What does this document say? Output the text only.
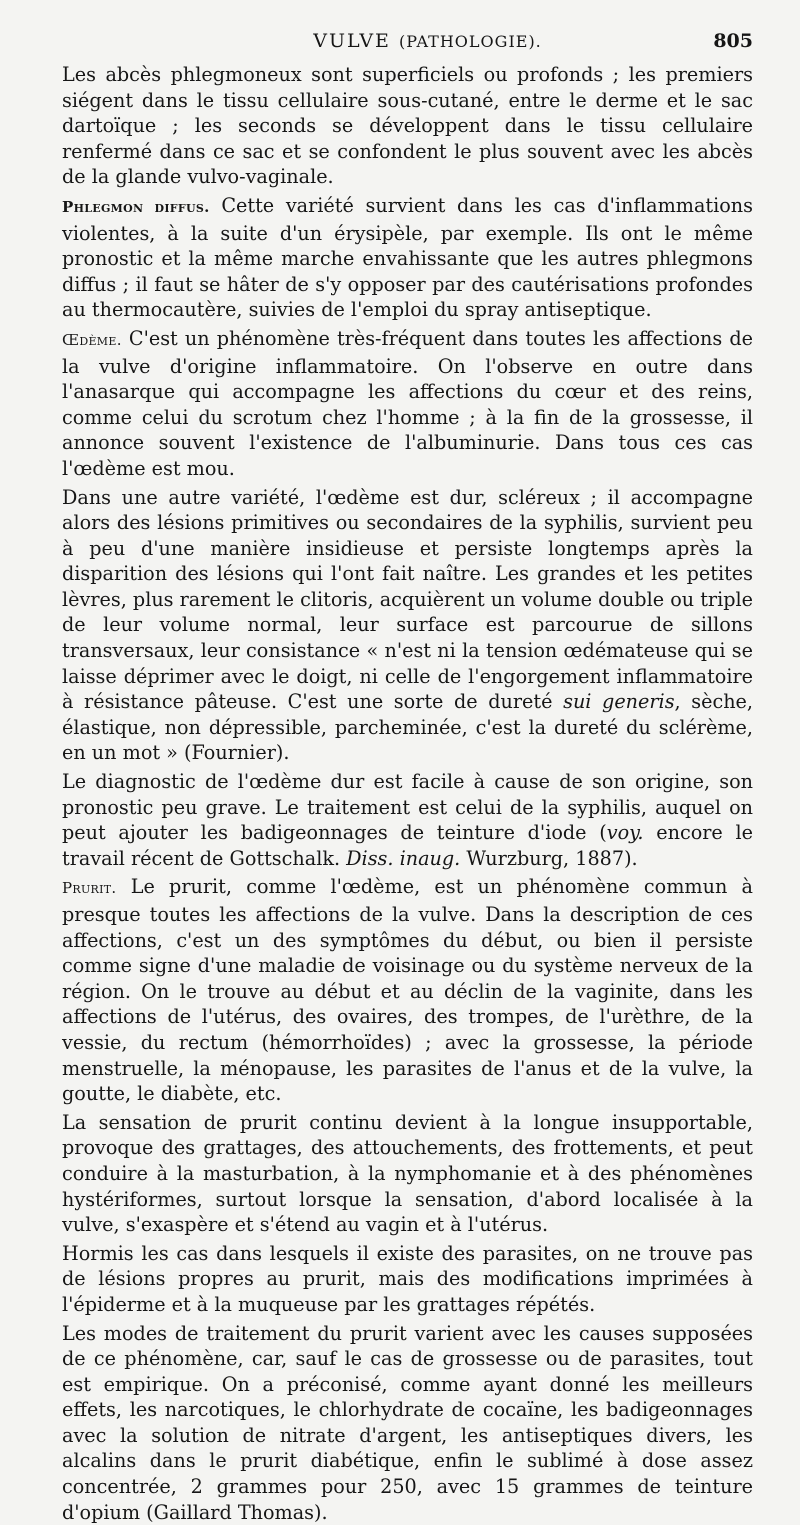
VULVE (PATHOLOGIE).	805

Les abcès phlegmoneux sont superficiels ou profonds ; les premiers siégent dans le tissu cellulaire sous-cutané, entre le derme et le sac dartoïque ; les seconds se développent dans le tissu cellulaire renfermé dans ce sac et se confondent le plus souvent avec les abcès de la glande vulvo-vaginale.

Phlegmon diffus. Cette variété survient dans les cas d'inflammations violentes, à la suite d'un érysipèle, par exemple. Ils ont le même pronostic et la même marche envahissante que les autres phlegmons diffus ; il faut se hâter de s'y opposer par des cautérisations profondes au thermocautère, suivies de l'emploi du spray antiseptique.

Œdème. C'est un phénomène très-fréquent dans toutes les affections de la vulve d'origine inflammatoire. On l'observe en outre dans l'anasarque qui accompagne les affections du cœur et des reins, comme celui du scrotum chez l'homme ; à la fin de la grossesse, il annonce souvent l'existence de l'albuminurie. Dans tous ces cas l'œdème est mou.

Dans une autre variété, l'œdème est dur, scléreux ; il accompagne alors des lésions primitives ou secondaires de la syphilis, survient peu à peu d'une manière insidieuse et persiste longtemps après la disparition des lésions qui l'ont fait naître. Les grandes et les petites lèvres, plus rarement le clitoris, acquièrent un volume double ou triple de leur volume normal, leur surface est parcourue de sillons transversaux, leur consistance « n'est ni la tension œdémateuse qui se laisse déprimer avec le doigt, ni celle de l'engorgement inflammatoire à résistance pâteuse. C'est une sorte de dureté sui generis, sèche, élastique, non dépressible, parcheminée, c'est la dureté du sclérème, en un mot » (Fournier).

Le diagnostic de l'œdème dur est facile à cause de son origine, son pronostic peu grave. Le traitement est celui de la syphilis, auquel on peut ajouter les badigeonnages de teinture d'iode (voy. encore le travail récent de Gottschalk. Diss. inaug. Wurzburg, 1887).

Prurit. Le prurit, comme l'œdème, est un phénomène commun à presque toutes les affections de la vulve. Dans la description de ces affections, c'est un des symptômes du début, ou bien il persiste comme signe d'une maladie de voisinage ou du système nerveux de la région. On le trouve au début et au déclin de la vaginite, dans les affections de l'utérus, des ovaires, des trompes, de l'urèthre, de la vessie, du rectum (hémorrhoïdes) ; avec la grossesse, la période menstruelle, la ménopause, les parasites de l'anus et de la vulve, la goutte, le diabète, etc.

La sensation de prurit continu devient à la longue insupportable, provoque des grattages, des attouchements, des frottements, et peut conduire à la masturbation, à la nymphomanie et à des phénomènes hystériformes, surtout lorsque la sensation, d'abord localisée à la vulve, s'exaspère et s'étend au vagin et à l'utérus.

Hormis les cas dans lesquels il existe des parasites, on ne trouve pas de lésions propres au prurit, mais des modifications imprimées à l'épiderme et à la muqueuse par les grattages répétés.

Les modes de traitement du prurit varient avec les causes supposées de ce phénomène, car, sauf le cas de grossesse ou de parasites, tout est empirique. On a préconisé, comme ayant donné les meilleurs effets, les narcotiques, le chlorhydrate de cocaïne, les badigeonnages avec la solution de nitrate d'argent, les antiseptiques divers, les alcalins dans le prurit diabétique, enfin le sublimé à dose assez concentrée, 2 grammes pour 250, avec 15 grammes de teinture d'opium (Gaillard Thomas).
